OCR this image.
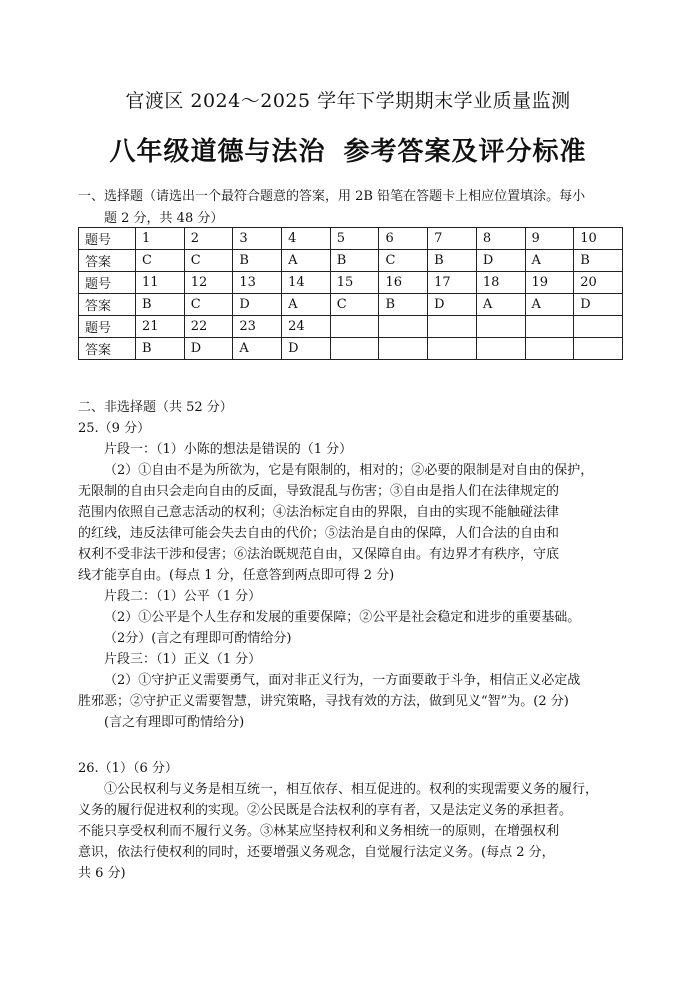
官渡区 2024～2025 学年下学期期末学业质量监测
八年级道德与法治 参考答案及评分标准
一、选择题（请选出一个最符合题意的答案，用 2B 铅笔在答题卡上相应位置填涂。每小
题 2 分，共 48 分）
题号	1	2	3	4	5	6	7	8	9	10
答案	C	C	B	A	B	C	B	D	A	B
题号	11	12	13	14	15	16	17	18	19	20
答案	B	C	D	A	C	B	D	A	A	D
题号	21	22	23	24						
答案	B	D	A	D						

二、非选择题（共 52 分）

25.（9 分）

片段一：（1）小陈的想法是错误的（1 分）

（2）①自由不是为所欲为，它是有限制的，相对的；②必要的限制是对自由的保护，

无限制的自由只会走向自由的反面，导致混乱与伤害；③自由是指人们在法律规定的

范围内依照自己意志活动的权利；④法治标定自由的界限，自由的实现不能触碰法律

的红线，违反法律可能会失去自由的代价；⑤法治是自由的保障，人们合法的自由和

权利不受非法干涉和侵害；⑥法治既规范自由，又保障自由。有边界才有秩序，守底

线才能享自由。(每点 1 分，任意答到两点即可得 2 分)

片段二：（1）公平（1 分）

（2）①公平是个人生存和发展的重要保障；②公平是社会稳定和进步的重要基础。

（2分）(言之有理即可酌情给分)

片段三：（1）正义（1 分）

（2）①守护正义需要勇气，面对非正义行为，一方面要敢于斗争，相信正义必定战

胜邪恶；②守护正义需要智慧，讲究策略，寻找有效的方法，做到见义“智”为。(2 分)

(言之有理即可酌情给分)

26.（1）（6 分）

①公民权利与义务是相互统一，相互依存、相互促进的。权利的实现需要义务的履行，

义务的履行促进权利的实现。②公民既是合法权利的享有者，又是法定义务的承担者。

不能只享受权利而不履行义务。③林某应坚持权利和义务相统一的原则，在增强权利

意识，依法行使权利的同时，还要增强义务观念，自觉履行法定义务。(每点 2 分，

共 6 分)
